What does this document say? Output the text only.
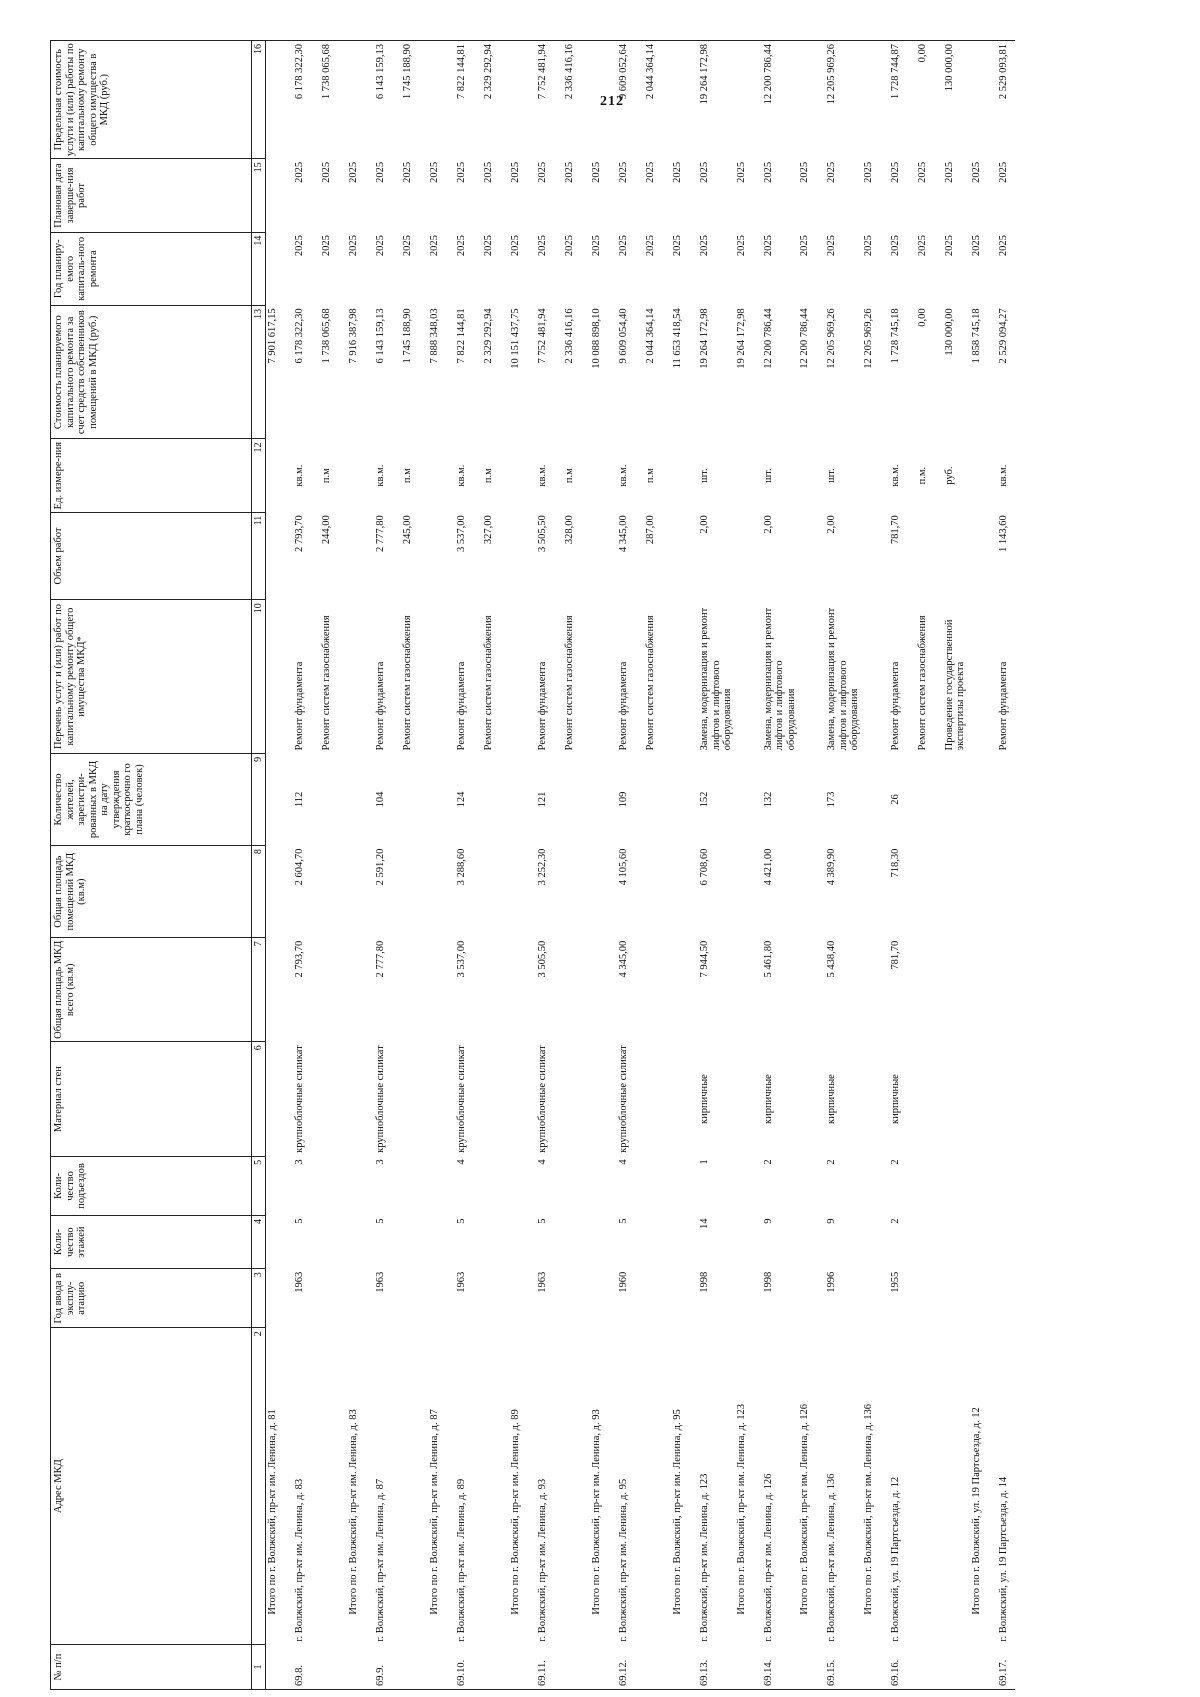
212
№ п/п	Адрес МКД	Год ввода в эксплу-атацию	Коли-чество этажей	Коли-чество подъездов	Материал стен	Общая площадь МКД всего (кв.м)	Общая площадь помещений МКД (кв.м)	Количество жителей, зарегистри-рованных в МКД на дату утверждения краткосрочно го плана (человек)	Перечень услуг и (или) работ по капитальному ремонту общего имущества МКД*	Объем работ	Ед. измере-ния	Стоимость планируемого капитального ремонта за счет средств собственников помещений в МКД (руб.)	Год планиру-емого капиталь-ного ремонта	Плановая дата заверше-ния работ	Предельная стоимость услуги и (или) работы по капитальному ремонту общего имущества в МКД (руб.)
1	2	3	4	5	6	7	8	9	10	11	12	13	14	15	16
	Итого по г. Волжский, пр-кт им. Ленина, д. 81											7 901 617,15			
69.8.	г. Волжский, пр-кт им. Ленина, д. 83	1963	5	3	крупноблочные силикат	2 793,70	2 604,70	112	Ремонт фундамента	2 793,70	кв.м.	6 178 322,30	2025	2025	6 178 322,30
									Ремонт систем газоснабжения	244,00	п.м	1 738 065,68	2025	2025	1 738 065,68
	Итого по г. Волжский, пр-кт им. Ленина, д. 83											7 916 387,98	2025	2025	
69.9.	г. Волжский, пр-кт им. Ленина, д. 87	1963	5	3	крупноблочные силикат	2 777,80	2 591,20	104	Ремонт фундамента	2 777,80	кв.м.	6 143 159,13	2025	2025	6 143 159,13
									Ремонт систем газоснабжения	245,00	п.м	1 745 188,90	2025	2025	1 745 188,90
	Итого по г. Волжский, пр-кт им. Ленина, д. 87											7 888 348,03	2025	2025	
69.10.	г. Волжский, пр-кт им. Ленина, д. 89	1963	5	4	крупноблочные силикат	3 537,00	3 288,60	124	Ремонт фундамента	3 537,00	кв.м.	7 822 144,81	2025	2025	7 822 144,81
									Ремонт систем газоснабжения	327,00	п.м	2 329 292,94	2025	2025	2 329 292,94
	Итого по г. Волжский, пр-кт им. Ленина, д. 89											10 151 437,75	2025	2025	
69.11.	г. Волжский, пр-кт им. Ленина, д. 93	1963	5	4	крупноблочные силикат	3 505,50	3 252,30	121	Ремонт фундамента	3 505,50	кв.м.	7 752 481,94	2025	2025	7 752 481,94
									Ремонт систем газоснабжения	328,00	п.м	2 336 416,16	2025	2025	2 336 416,16
	Итого по г. Волжский, пр-кт им. Ленина, д. 93											10 088 898,10	2025	2025	
69.12.	г. Волжский, пр-кт им. Ленина, д. 95	1960	5	4	крупноблочные силикат	4 345,00	4 105,60	109	Ремонт фундамента	4 345,00	кв.м.	9 609 054,40	2025	2025	9 609 052,64
									Ремонт систем газоснабжения	287,00	п.м	2 044 364,14	2025	2025	2 044 364,14
	Итого по г. Волжский, пр-кт им. Ленина, д. 95											11 653 418,54	2025	2025	
69.13.	г. Волжский, пр-кт им. Ленина, д. 123	1998	14	1	кирпичные	7 944,50	6 708,60	152	Замена, модернизация и ремонт лифтов и лифтового оборудования	2,00	шт.	19 264 172,98	2025	2025	19 264 172,98
	Итого по г. Волжский, пр-кт им. Ленина, д. 123											19 264 172,98	2025	2025	
69.14.	г. Волжский, пр-кт им. Ленина, д. 126	1998	9	2	кирпичные	5 461,80	4 421,00	132	Замена, модернизация и ремонт лифтов и лифтового оборудования	2,00	шт.	12 200 786,44	2025	2025	12 200 786,44
	Итого по г. Волжский, пр-кт им. Ленина, д. 126											12 200 786,44	2025	2025	
69.15.	г. Волжский, пр-кт им. Ленина, д. 136	1996	9	2	кирпичные	5 438,40	4 389,90	173	Замена, модернизация и ремонт лифтов и лифтового оборудования	2,00	шт.	12 205 969,26	2025	2025	12 205 969,26
	Итого по г. Волжский, пр-кт им. Ленина, д. 136											12 205 969,26	2025	2025	
69.16.	г. Волжский, ул. 19 Партсъезда, д. 12	1955	2	2	кирпичные	781,70	718,30	26	Ремонт фундамента	781,70	кв.м.	1 728 745,18	2025	2025	1 728 744,87
									Ремонт систем газоснабжения		п.м.	0,00	2025	2025	0,00
									Проведение государственной экспертизы проекта		руб.	130 000,00	2025	2025	130 000,00
	Итого по г. Волжский, ул. 19 Партсъезда, д. 12											1 858 745,18	2025	2025	
69.17.	г. Волжский, ул. 19 Партсъезда, д. 14								Ремонт фундамента	1 143,60	кв.м.	2 529 094,27	2025	2025	2 529 093,81
